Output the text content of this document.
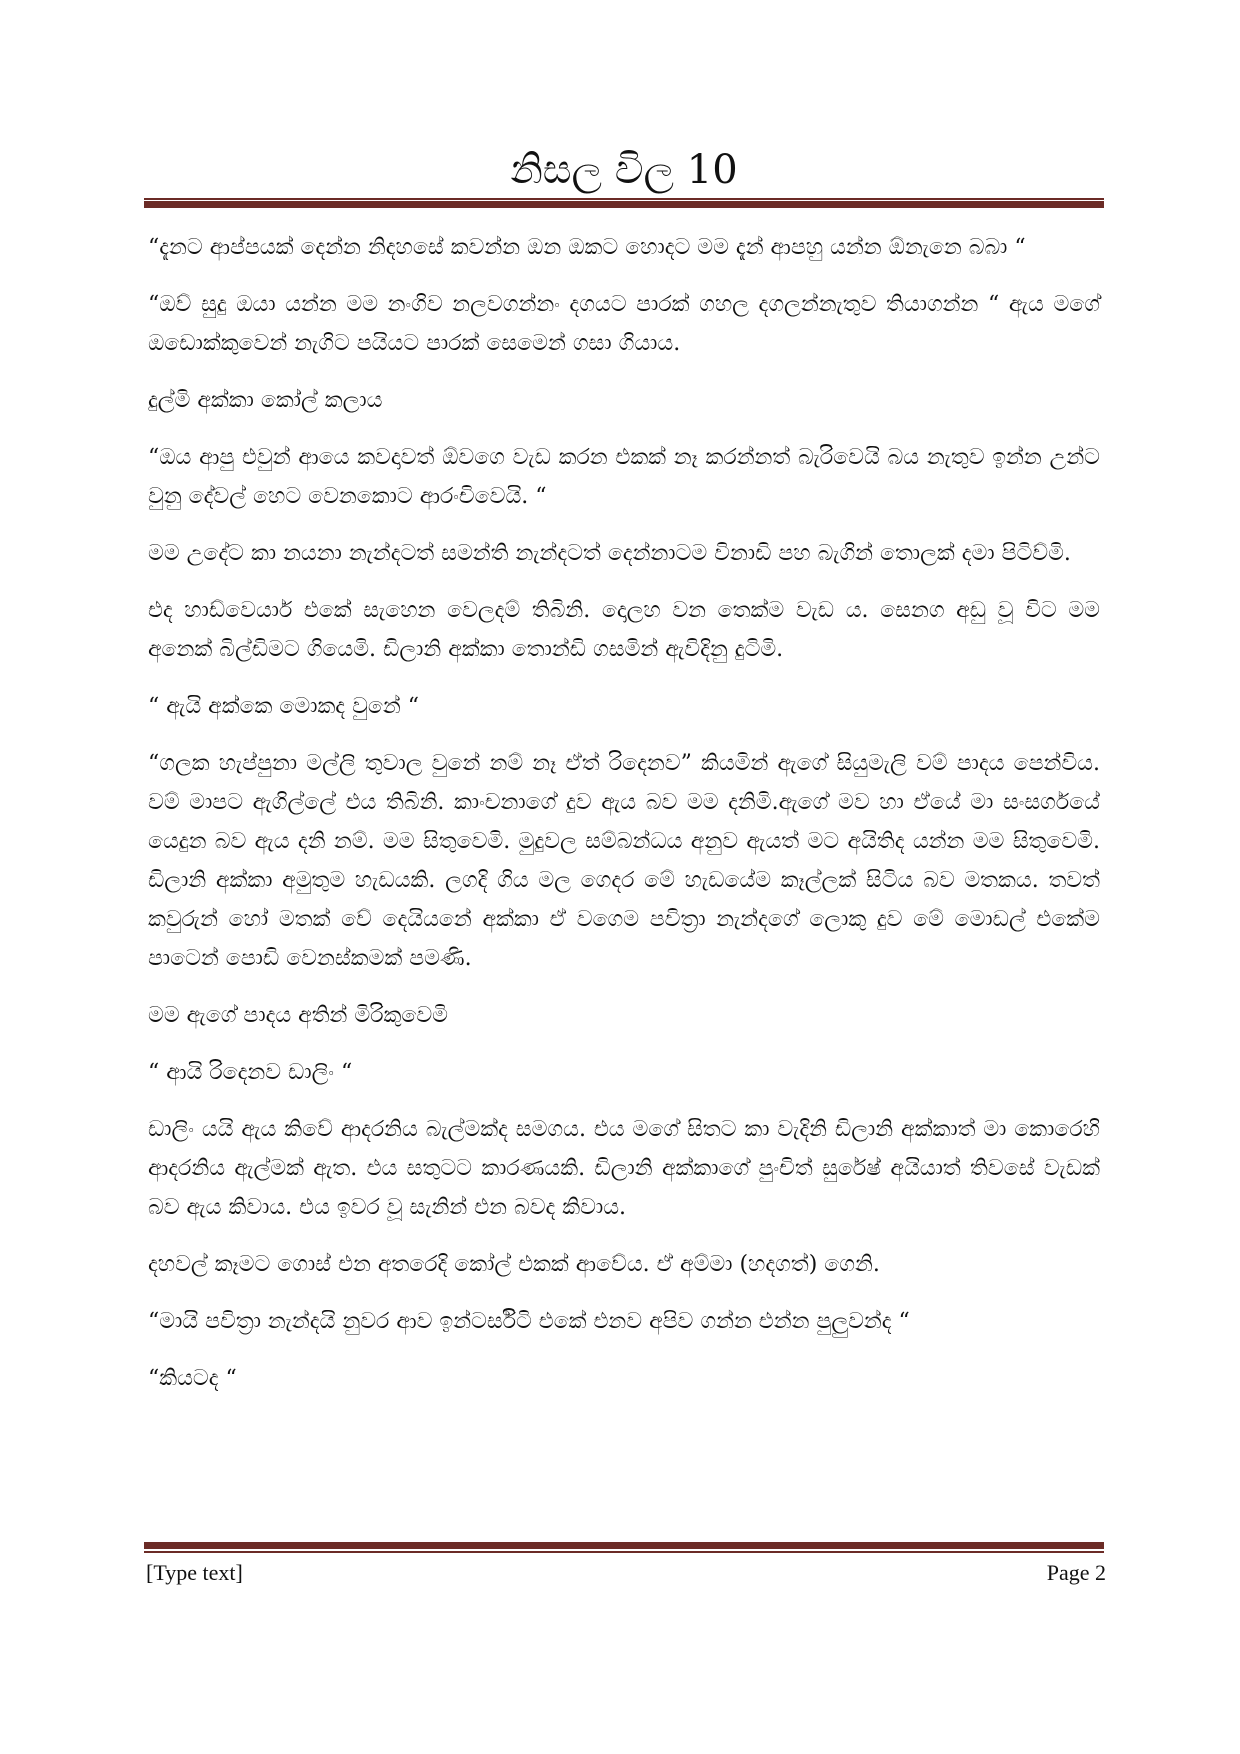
නිසල විල 10

“දැනට ආප්පයක් දෙන්න නිදහසේ කවන්න ඔන ඔකට හොදට මම දැන් ආපහු යන්න ඕනැනෙ බබා “

“ඔව් සුදු ඔයා යන්න මම නංගිව නලවගන්නං දගයට පාරක් ගහල දගලන්නැතුව තියාගන්න “ ඇය මගේ ඔඩොක්කුවෙන් නැගිට පයියට පාරක් සෙමෙන් ගසා ගියාය.

දුල්මි අක්කා කෝල් කලාය

“ඔය ආපු එවුන් ආයෙ කවදාවත් ඕවගෙ වැඩ කරන එකක් නෑ කරන්නත් බැරිවෙයි බය නැතුව ඉන්න උන්ට වුනු දේවල් හෙට වෙනකොට ආරංචිවෙයි. “

මම උදේට කා නයනා නැන්දටත් සමන්ති නැන්දටත් දෙන්නාටම විනාඩි පහ බැගින් තොලක් දමා පිටිව්මි.

එද හාඩ්වෙයාර් එකේ සැහෙන වෙලදම් තිබිනි. දොලහ වන තෙක්ම වැඩ ය. සෙනග අඩු වූ විට මම අනෙක් බිල්ඩිමට ගියෙමි. ඩිලානි අක්කා තොන්ඩි ගසමින් ඇවිදිනු දුටිමි.

“ ඇයි අක්කෙ මොකද වුනේ “

“ගලක හැප්පුනා මල්ලි තුවාල වුනේ නම් නෑ ඒත් රිදෙනව” කියමින් ඇගේ සියුමැලි වම් පාදය පෙන්විය. වම් මාපට ඇගිල්ලේ එය තිබිනි. කාංචනාගේ දුව ඇය බව මම දනිමි.ඇගේ මව හා ඒයේ මා සංසර්ගයේ යෙදුන බව ඇය දනි නම්. මම සිතුවෙමි. මුදුවල සම්බන්ධය අනුව ඇයත් මට අයිතිද යන්න මම සිතුවෙමි. ඩිලානි අක්කා අමුතුම හැඩයකි. ලගදි ගිය මල ගෙදර මේ හැඩයේම කෑල්ලක් සිටිය බව මතකය. තවත් කවුරුන් හෝ මතක් වේ දෙයියනේ අක්කා ඒ වගෙම පවිත්‍රා නැන්දගේ ලොකු දුව මේ මොඩල් එකේම පාටෙන් පොඩි වෙනස්කමක් පමණි.

මම ඇගේ පාදය අතින් මිරිකුවෙමි

“ ආයි රිදෙනව ඩාලිං “

ඩාලිං යයි ඇය කිවේ ආදරනිය බැල්මක්ද සමගය. එය මගේ සිතට කා වැදිනි ඩිලානි අක්කාත් මා කොරෙහි ආදරනිය ඇල්මක් ඇත. එය සතුටට කාරණයකි. ඩිලානි අක්කාගේ පුංචිත් සුරේෂ් අයියාත් තිවසේ වැඩක් බව ඇය කිවාය. එය ඉවර වූ සැනින් එන බවද කිවාය.

දහවල් කෑමට ගොස් එන අතරෙදි කෝල් එකක් ආවේය. ඒ අම්මා (හදගත්) ගෙනි.

“මායි පවිත්‍රා නැන්දයි නුවර ආව ඉන්ටර්සිටි එකේ එනව අපිව ගන්න එන්න පුලුවන්ද “

“කියටද “

[Type text]	Page 2
